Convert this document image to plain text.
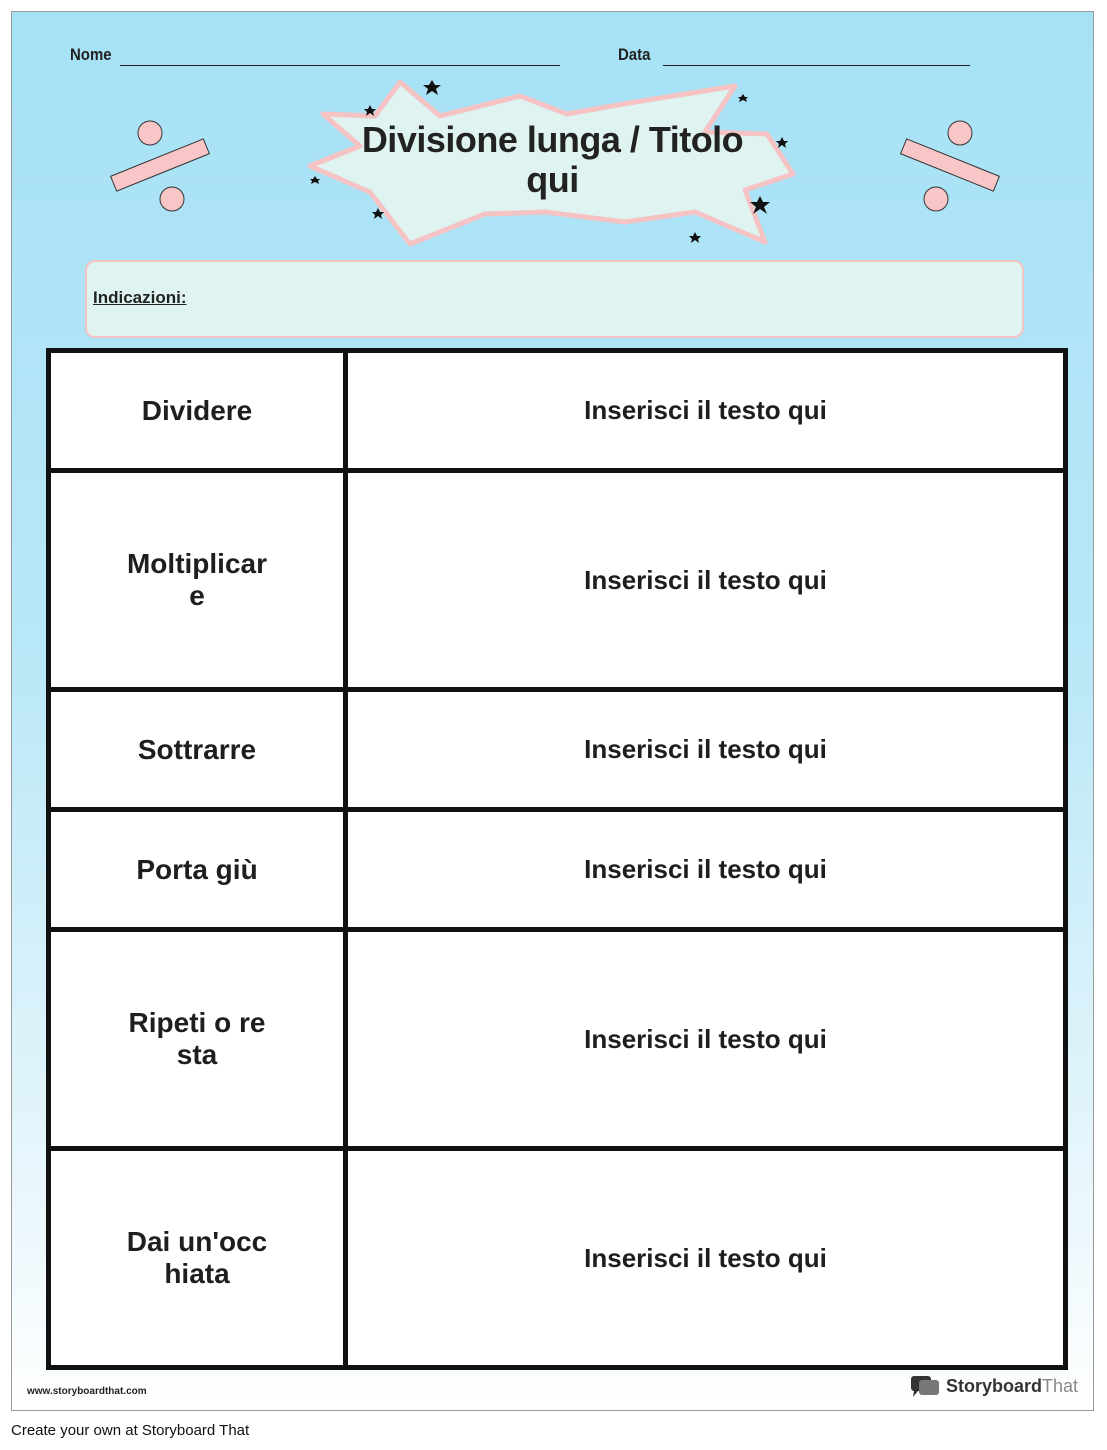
Nome	Data
Divisione lunga / Titolo qui
Indicazioni:
Dividere	Inserisci il testo qui
Moltiplicare	Inserisci il testo qui
Sottrarre	Inserisci il testo qui
Porta giù	Inserisci il testo qui
Ripeti o resta	Inserisci il testo qui
Dai un'occhiata	Inserisci il testo qui
www.storyboardthat.com	StoryboardThat
Create your own at Storyboard That
